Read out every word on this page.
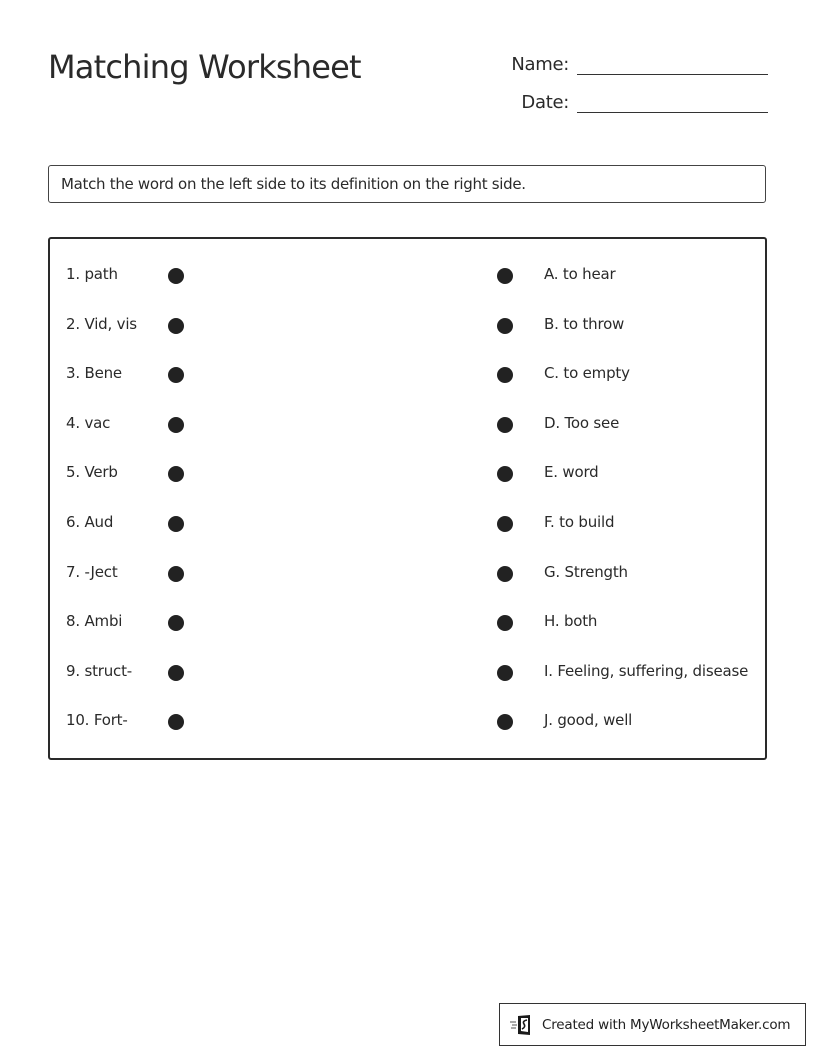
Matching Worksheet	Name:
Date:
Match the word on the left side to its definition on the right side.
1. path	A. to hear
2. Vid, vis	B. to throw
3. Bene	C. to empty
4. vac	D. Too see
5. Verb	E. word
6. Aud	F. to build
7. -Ject	G. Strength
8. Ambi	H. both
9. struct-	I. Feeling, suffering, disease
10. Fort-	J. good, well
Created with MyWorksheetMaker.com
